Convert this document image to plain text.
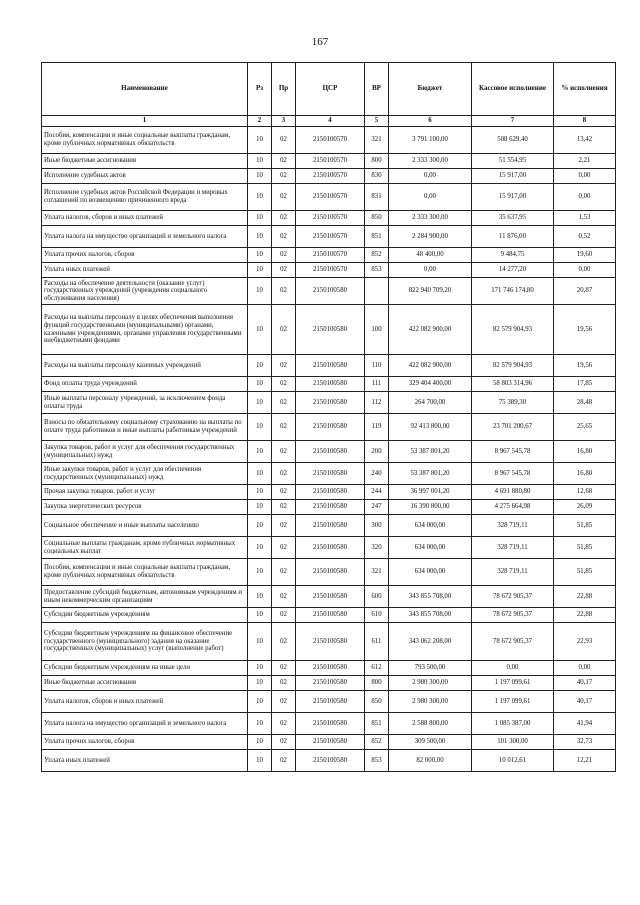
167
Наименование	Рз	Пр	ЦСР	ВР	Бюджет	Кассовое исполнение	% исполнения
1	2	3	4	5	6	7	8
Пособия, компенсации и иные социальные выплаты гражданам, кроме публичных нормативных обязательств	10	02	2150100570	321	3 791 100,00	508 629,40	13,42
Иные бюджетные ассигнования	10	02	2150100570	800	2 333 300,00	51 554,95	2,21
Исполнение судебных актов	10	02	2150100570	830	0,00	15 917,00	0,00
Исполнение судебных актов Российской Федерации и мировых соглашений по возмещению причиненного вреда	10	02	2150100570	831	0,00	15 917,00	0,00
Уплата налогов, сборов и иных платежей	10	02	2150100570	850	2 333 300,00	35 637,95	1,53
Уплата налога на имущество организаций и земельного налога	10	02	2150100570	851	2 284 900,00	11 876,00	0,52
Уплата прочих налогов, сборов	10	02	2150100570	852	48 400,00	9 484,75	19,60
Уплата иных платежей	10	02	2150100570	853	0,00	14 277,20	0,00
Расходы на обеспечение деятельности (оказание услуг) государственных учреждений (учреждения социального обслуживания населения)	10	02	2150100580		822 940 709,20	171 746 174,80	20,87
Расходы на выплаты персоналу в целях обеспечения выполнения функций государственными (муниципальными) органами, казенными учреждениями, органами управления государственными внебюджетными фондами	10	02	2150100580	100	422 082 900,00	82 579 904,93	19,56
Расходы на выплаты персоналу казенных учреждений	10	02	2150100580	110	422 082 900,00	82 579 904,93	19,56
Фонд оплаты труда учреждений	10	02	2150100580	111	329 404 400,00	58 803 314,96	17,85
Иные выплаты персоналу учреждений, за исключением фонда оплаты труда	10	02	2150100580	112	264 700,00	75 389,30	28,48
Взносы по обязательному социальному страхованию на выплаты по оплате труда работников и иные выплаты работникам учреждений	10	02	2150100580	119	92 413 800,00	23 701 200,67	25,65
Закупка товаров, работ и услуг для обеспечения государственных (муниципальных) нужд	10	02	2150100580	200	53 387 801,20	8 967 545,78	16,80
Иные закупки товаров, работ и услуг для обеспечения государственных (муниципальных) нужд	10	02	2150100580	240	53 387 801,20	8 967 545,78	16,80
Прочая закупка товаров, работ и услуг	10	02	2150100580	244	36 997 001,20	4 691 880,80	12,68
Закупка энергетических ресурсов	10	02	2150100580	247	16 390 800,00	4 275 664,98	26,09
Социальное обеспечение и иные выплаты населению	10	02	2150100580	300	634 000,00	328 719,11	51,85
Социальные выплаты гражданам, кроме публичных нормативных социальных выплат	10	02	2150100580	320	634 000,00	328 719,11	51,85
Пособия, компенсации и иные социальные выплаты гражданам, кроме публичных нормативных обязательств	10	02	2150100580	321	634 000,00	328 719,11	51,85
Предоставление субсидий бюджетным, автономным учреждениям и иным некоммерческим организациям	10	02	2150100580	600	343 855 708,00	78 672 905,37	22,88
Субсидии бюджетным учреждениям	10	02	2150100580	610	343 855 708,00	78 672 905,37	22,88
Субсидии бюджетным учреждениям на финансовое обеспечение государственного (муниципального) задания на оказание государственных (муниципальных) услуг (выполнение работ)	10	02	2150100580	611	343 062 208,00	78 672 905,37	22,93
Субсидии бюджетным учреждениям на иные цели	10	02	2150100580	612	793 500,00	0,00	0,00
Иные бюджетные ассигнования	10	02	2150100580	800	2 980 300,00	1 197 099,61	40,17
Уплата налогов, сборов и иных платежей	10	02	2150100580	850	2 980 300,00	1 197 099,61	40,17
Уплата налога на имущество организаций и земельного налога	10	02	2150100580	851	2 588 800,00	1 085 387,00	41,94
Уплата прочих налогов, сборов	10	02	2150100580	852	309 500,00	101 300,00	32,73
Уплата иных платежей	10	02	2150100580	853	82 000,00	10 012,61	12,21
